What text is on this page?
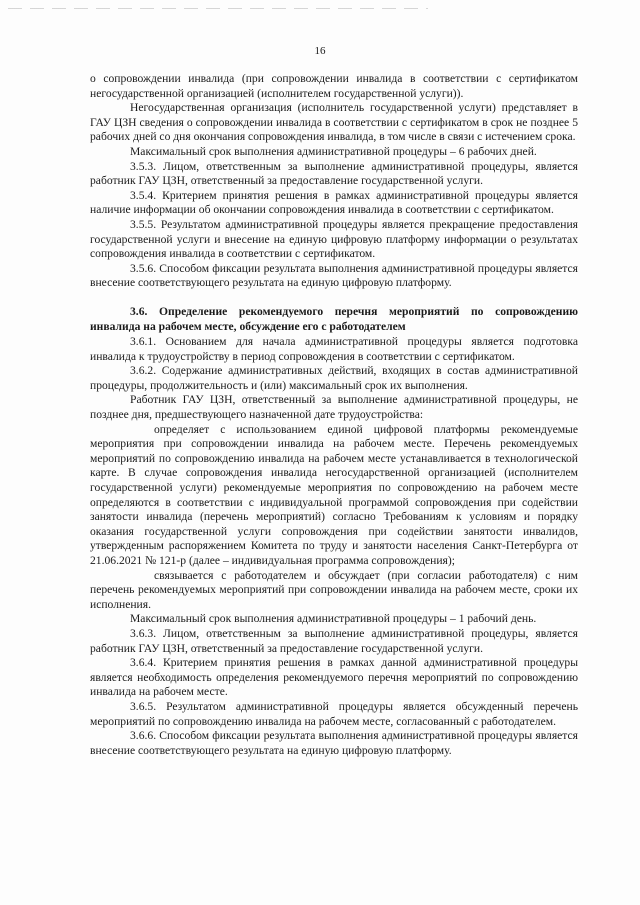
16

о сопровождении инвалида (при сопровождении инвалида в соответствии с сертификатом негосударственной организацией (исполнителем государственной услуги)).

Негосударственная организация (исполнитель государственной услуги) представляет в ГАУ ЦЗН сведения о сопровождении инвалида в соответствии с сертификатом в срок не позднее 5 рабочих дней со дня окончания сопровождения инвалида, в том числе в связи с истечением срока.

Максимальный срок выполнения административной процедуры – 6 рабочих дней.

3.5.3. Лицом, ответственным за выполнение административной процедуры, является работник ГАУ ЦЗН, ответственный за предоставление государственной услуги.

3.5.4. Критерием принятия решения в рамках административной процедуры является наличие информации об окончании сопровождения инвалида в соответствии с сертификатом.

3.5.5. Результатом административной процедуры является прекращение предоставления государственной услуги и внесение на единую цифровую платформу информации о результатах сопровождения инвалида в соответствии с сертификатом.

3.5.6. Способом фиксации результата выполнения административной процедуры является внесение соответствующего результата на единую цифровую платформу.

3.6. Определение рекомендуемого перечня мероприятий по сопровождению инвалида на рабочем месте, обсуждение его с работодателем

3.6.1. Основанием для начала административной процедуры является подготовка инвалида к трудоустройству в период сопровождения в соответствии с сертификатом.

3.6.2. Содержание административных действий, входящих в состав административной процедуры, продолжительность и (или) максимальный срок их выполнения.

Работник ГАУ ЦЗН, ответственный за выполнение административной процедуры, не позднее дня, предшествующего назначенной дате трудоустройства:

определяет с использованием единой цифровой платформы рекомендуемые мероприятия при сопровождении инвалида на рабочем месте. Перечень рекомендуемых мероприятий по сопровождению инвалида на рабочем месте устанавливается в технологической карте. В случае сопровождения инвалида негосударственной организацией (исполнителем государственной услуги) рекомендуемые мероприятия по сопровождению на рабочем месте определяются в соответствии с индивидуальной программой сопровождения при содействии занятости инвалида (перечень мероприятий) согласно Требованиям к условиям и порядку оказания государственной услуги сопровождения при содействии занятости инвалидов, утвержденным распоряжением Комитета по труду и занятости населения Санкт-Петербурга от 21.06.2021 № 121-р (далее – индивидуальная программа сопровождения);

связывается с работодателем и обсуждает (при согласии работодателя) с ним перечень рекомендуемых мероприятий при сопровождении инвалида на рабочем месте, сроки их исполнения.

Максимальный срок выполнения административной процедуры – 1 рабочий день.

3.6.3. Лицом, ответственным за выполнение административной процедуры, является работник ГАУ ЦЗН, ответственный за предоставление государственной услуги.

3.6.4. Критерием принятия решения в рамках данной административной процедуры является необходимость определения рекомендуемого перечня мероприятий по сопровождению инвалида на рабочем месте.

3.6.5. Результатом административной процедуры является обсужденный перечень мероприятий по сопровождению инвалида на рабочем месте, согласованный с работодателем.

3.6.6. Способом фиксации результата выполнения административной процедуры является внесение соответствующего результата на единую цифровую платформу.
